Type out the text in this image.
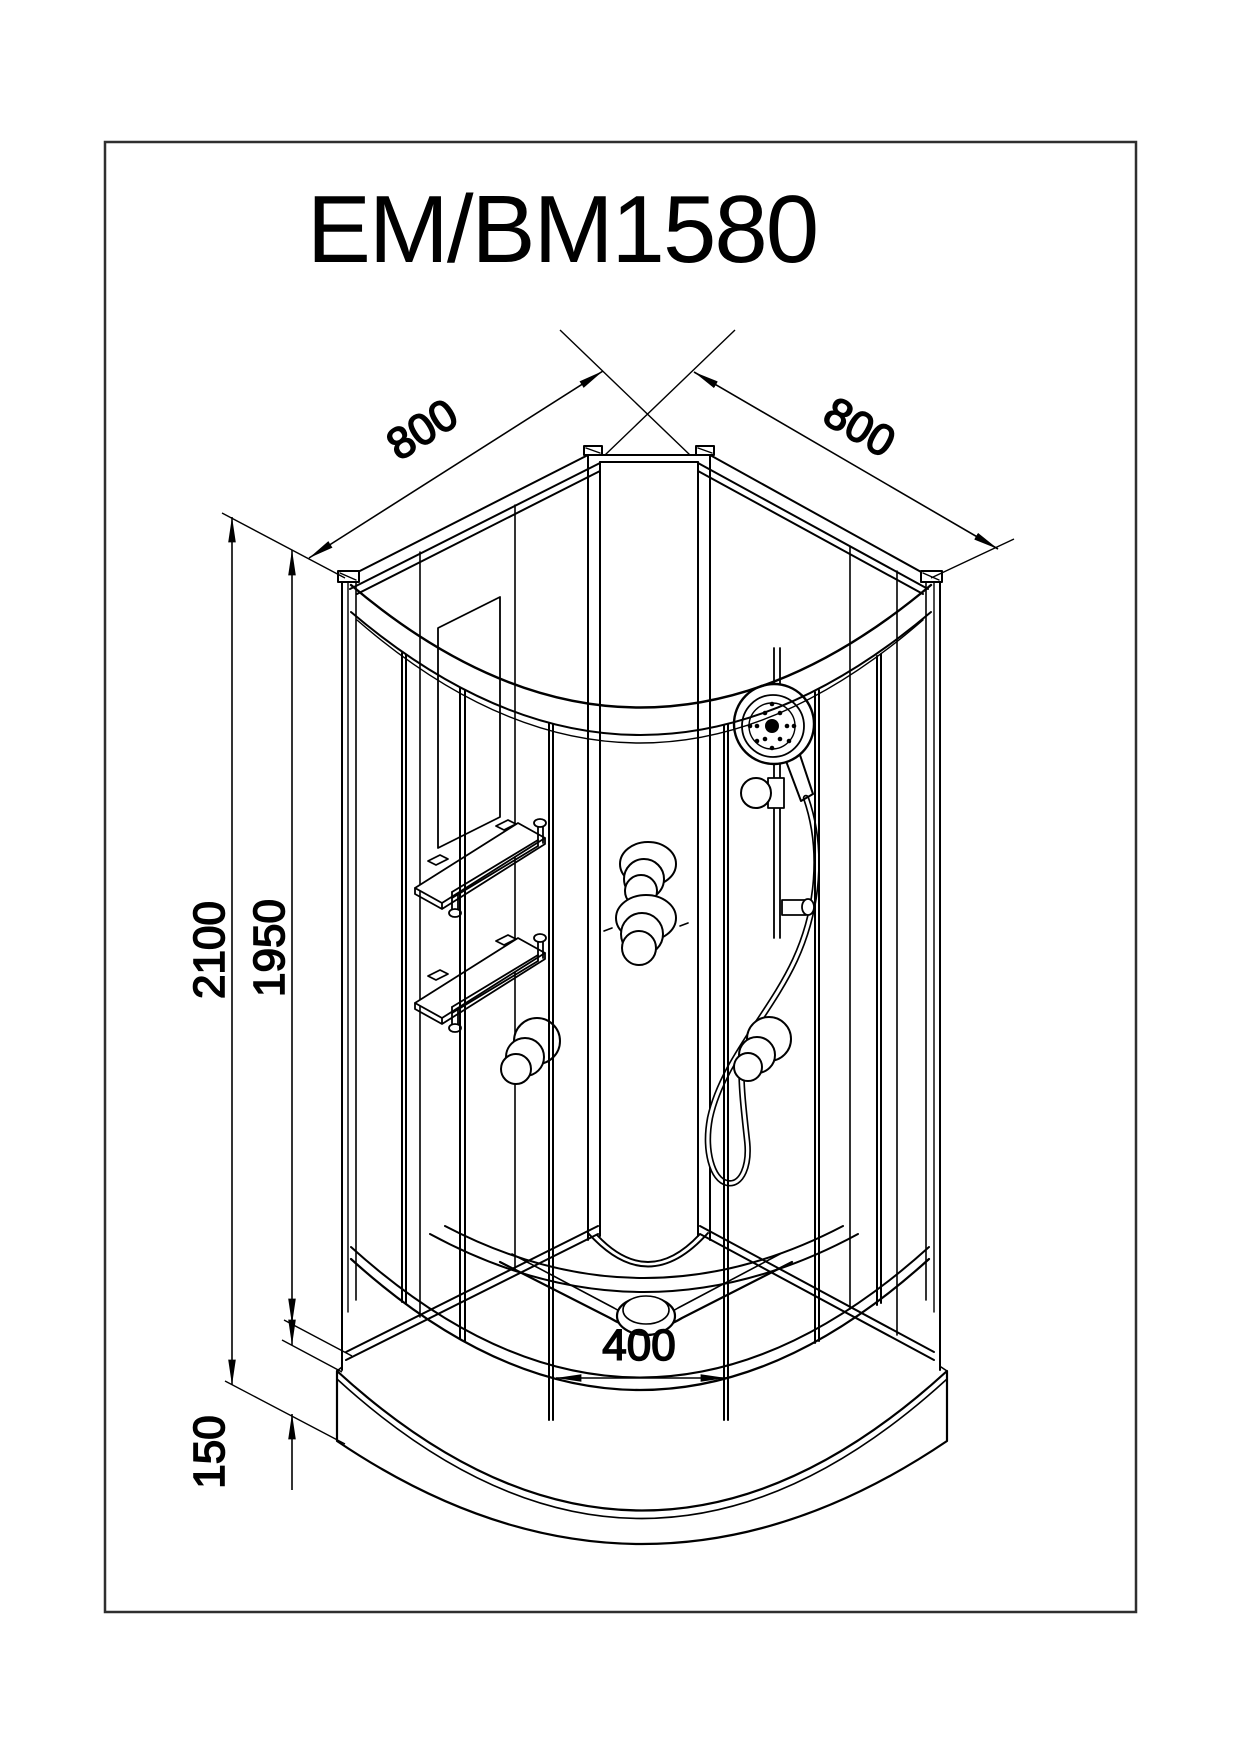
EM/BM1580
800	800
2100 1950
400
150
